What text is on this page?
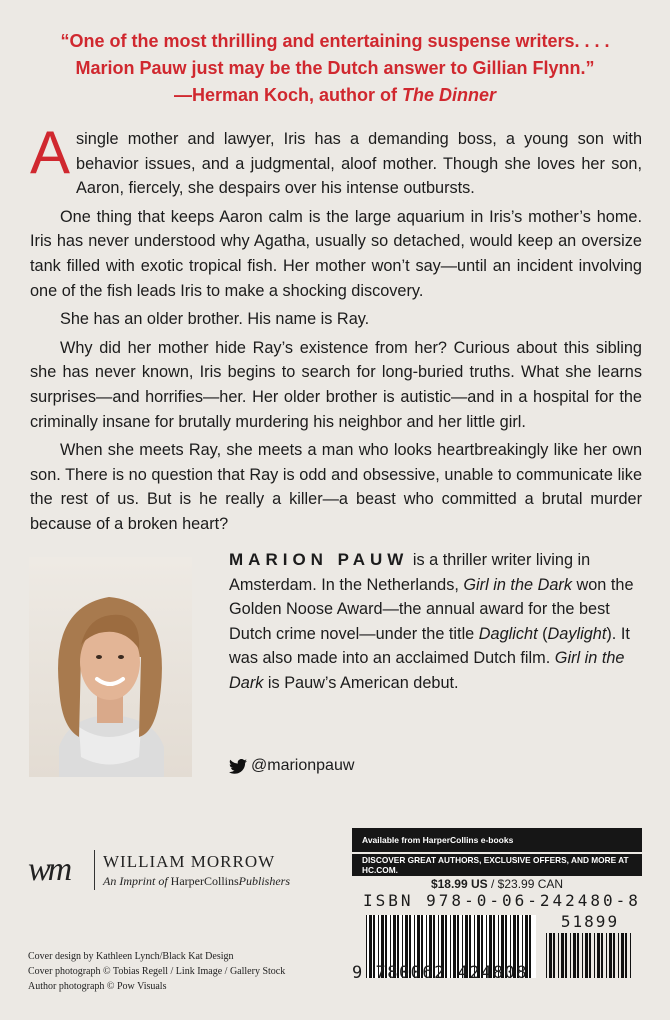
“One of the most thrilling and entertaining suspense writers. . . .
Marion Pauw just may be the Dutch answer to Gillian Flynn.”
—Herman Koch, author of The Dinner

Asingle mother and lawyer, Iris has a demanding boss, a young son with behavior issues, and a judgmental, aloof mother. Though she loves her son, Aaron, fiercely, she despairs over his intense outbursts.

One thing that keeps Aaron calm is the large aquarium in Iris’s mother’s home. Iris has never understood why Agatha, usually so detached, would keep an oversize tank filled with exotic tropical fish. Her mother won’t say—until an incident involving one of the fish leads Iris to make a shocking discovery.

She has an older brother. His name is Ray.

Why did her mother hide Ray’s existence from her? Curious about this sibling she has never known, Iris begins to search for long-buried truths. What she learns surprises—and horrifies—her. Her older brother is autistic—and in a hospital for the criminally insane for brutally murdering his neighbor and her little girl.

When she meets Ray, she meets a man who looks heartbreakingly like her own son. There is no question that Ray is odd and obsessive, unable to communicate like the rest of us. But is he really a killer—a beast who committed a brutal murder because of a broken heart?

MARION PAUW is a thriller writer living in Amsterdam. In the Netherlands, Girl in the Dark won the Golden Noose Award—the annual award for the best Dutch crime novel—under the title Daglicht (Daylight). It was also made into an acclaimed Dutch film. Girl in the Dark is Pauw’s American debut.
@marionpauw
wm	WILLIAM MORROW
An Imprint of HarperCollinsPublishers
Cover design by Kathleen Lynch/Black Kat Design
Cover photograph © Tobias Regell / Link Image / Gallery Stock
Author photograph © Pow Visuals
Available from HarperCollins e-books
DISCOVER GREAT AUTHORS, EXCLUSIVE OFFERS, AND MORE AT HC.COM.
$18.99 US / $23.99 CAN
ISBN 978-0-06-242480-8
51899
9 780062 424808
